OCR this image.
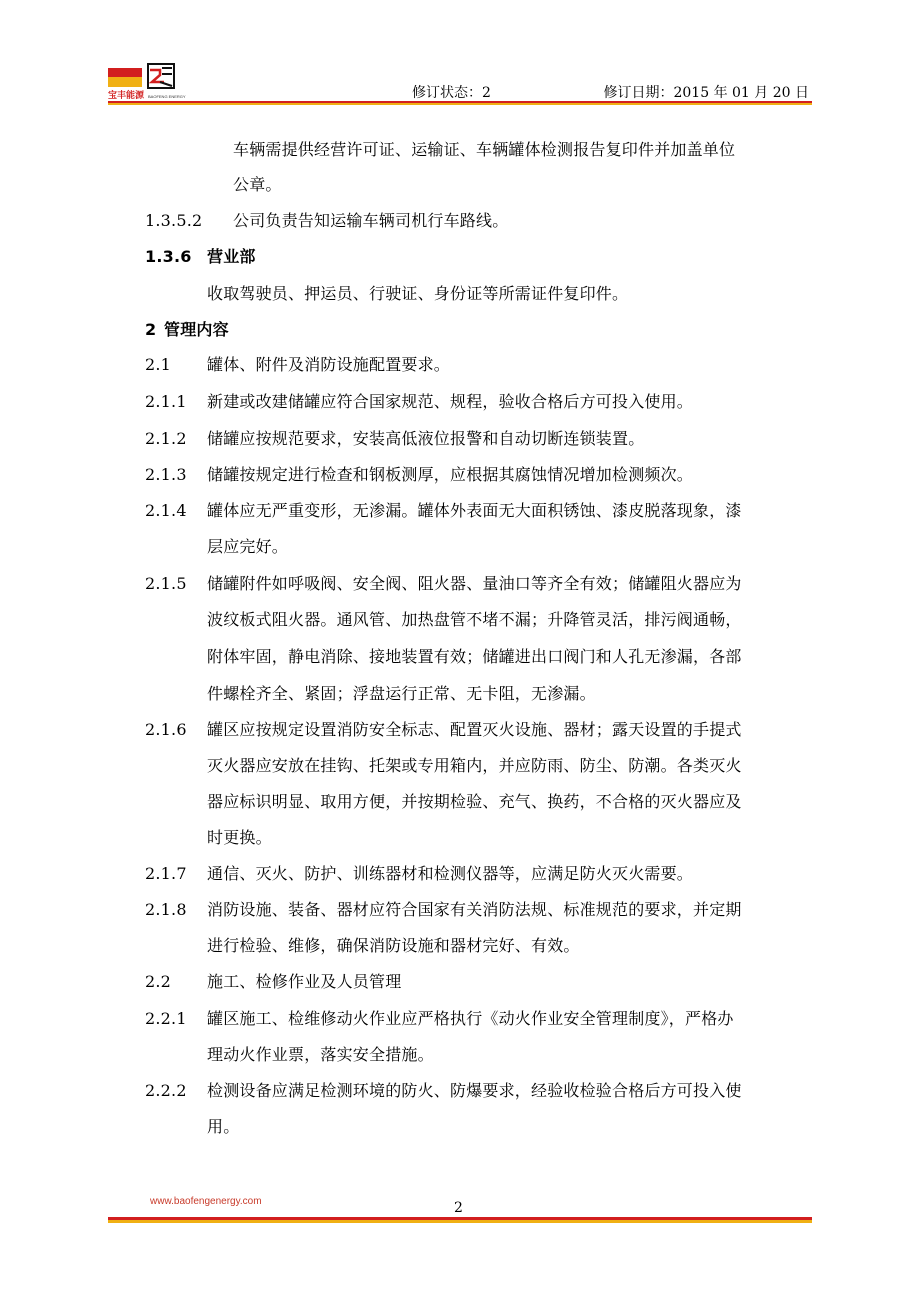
宝丰能源 BAOFENG ENERGY	修订状态：2	修订日期：2015 年 01 月 20 日
车辆需提供经营许可证、运输证、车辆罐体检测报告复印件并加盖单位
公章。
1.3.5.2 公司负责告知运输车辆司机行车路线。
1.3.6 营业部
收取驾驶员、押运员、行驶证、身份证等所需证件复印件。
2 管理内容
2.1 罐体、附件及消防设施配置要求。
2.1.1 新建或改建储罐应符合国家规范、规程，验收合格后方可投入使用。
2.1.2 储罐应按规范要求，安装高低液位报警和自动切断连锁装置。
2.1.3 储罐按规定进行检查和钢板测厚，应根据其腐蚀情况增加检测频次。
2.1.4 罐体应无严重变形，无渗漏。罐体外表面无大面积锈蚀、漆皮脱落现象，漆
层应完好。
2.1.5 储罐附件如呼吸阀、安全阀、阻火器、量油口等齐全有效；储罐阻火器应为
波纹板式阻火器。通风管、加热盘管不堵不漏；升降管灵活，排污阀通畅，
附体牢固，静电消除、接地装置有效；储罐进出口阀门和人孔无渗漏，各部
件螺栓齐全、紧固；浮盘运行正常、无卡阻，无渗漏。
2.1.6 罐区应按规定设置消防安全标志、配置灭火设施、器材；露天设置的手提式
灭火器应安放在挂钩、托架或专用箱内，并应防雨、防尘、防潮。各类灭火
器应标识明显、取用方便，并按期检验、充气、换药，不合格的灭火器应及
时更换。
2.1.7 通信、灭火、防护、训练器材和检测仪器等，应满足防火灭火需要。
2.1.8 消防设施、装备、器材应符合国家有关消防法规、标准规范的要求，并定期
进行检验、维修，确保消防设施和器材完好、有效。
2.2 施工、检修作业及人员管理
2.2.1 罐区施工、检维修动火作业应严格执行《动火作业安全管理制度》，严格办
理动火作业票，落实安全措施。
2.2.2 检测设备应满足检测环境的防火、防爆要求，经验收检验合格后方可投入使
用。
www.baofengenergy.com	2
